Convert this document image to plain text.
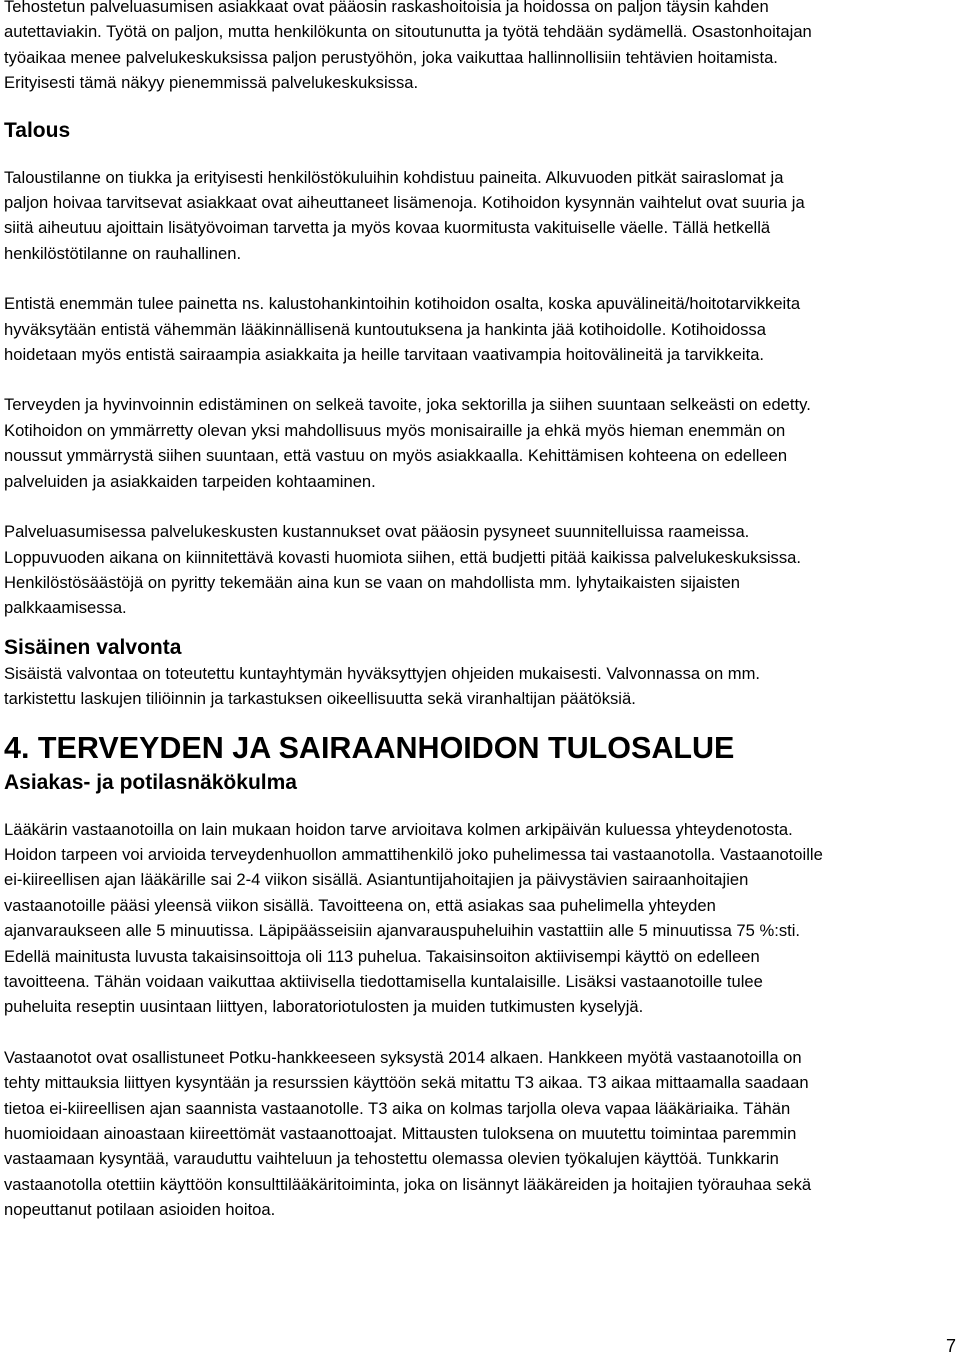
Tehostetun palveluasumisen asiakkaat ovat pääosin raskashoitoisia ja hoidossa on paljon täysin kahden
autettaviakin. Työtä on paljon, mutta henkilökunta on sitoutunutta ja työtä tehdään sydämellä. Osastonhoitajan
työaikaa menee palvelukeskuksissa paljon perustyöhön, joka vaikuttaa hallinnollisiin tehtävien hoitamista.
Erityisesti tämä näkyy pienemmissä palvelukeskuksissa.

Talous

Taloustilanne on tiukka ja erityisesti henkilöstökuluihin kohdistuu paineita. Alkuvuoden pitkät sairaslomat ja
paljon hoivaa tarvitsevat asiakkaat ovat aiheuttaneet lisämenoja. Kotihoidon kysynnän vaihtelut ovat suuria ja
siitä aiheutuu ajoittain lisätyövoiman tarvetta ja myös kovaa kuormitusta vakituiselle väelle. Tällä hetkellä
henkilöstötilanne on rauhallinen.

Entistä enemmän tulee painetta ns. kalustohankintoihin kotihoidon osalta, koska apuvälineitä/hoitotarvikkeita
hyväksytään entistä vähemmän lääkinnällisenä kuntoutuksena ja hankinta jää kotihoidolle. Kotihoidossa
hoidetaan myös entistä sairaampia asiakkaita ja heille tarvitaan vaativampia hoitovälineitä ja tarvikkeita.

Terveyden ja hyvinvoinnin edistäminen on selkeä tavoite, joka sektorilla ja siihen suuntaan selkeästi on edetty.
Kotihoidon on ymmärretty olevan yksi mahdollisuus myös monisairaille ja ehkä myös hieman enemmän on
noussut ymmärrystä siihen suuntaan, että vastuu on myös asiakkaalla. Kehittämisen kohteena on edelleen
palveluiden ja asiakkaiden tarpeiden kohtaaminen.

Palveluasumisessa palvelukeskusten kustannukset ovat pääosin pysyneet suunnitelluissa raameissa.
Loppuvuoden aikana on kiinnitettävä kovasti huomiota siihen, että budjetti pitää kaikissa palvelukeskuksissa.
Henkilöstösäästöjä on pyritty tekemään aina kun se vaan on mahdollista mm. lyhytaikaisten sijaisten
palkkaamisessa.

Sisäinen valvonta

Sisäistä valvontaa on toteutettu kuntayhtymän hyväksyttyjen ohjeiden mukaisesti. Valvonnassa on mm.
tarkistettu laskujen tiliöinnin ja tarkastuksen oikeellisuutta sekä viranhaltijan päätöksiä.

4. TERVEYDEN JA SAIRAANHOIDON TULOSALUE
Asiakas- ja potilasnäkökulma

Lääkärin vastaanotoilla on lain mukaan hoidon tarve arvioitava kolmen arkipäivän kuluessa yhteydenotosta.
Hoidon tarpeen voi arvioida terveydenhuollon ammattihenkilö joko puhelimessa tai vastaanotolla. Vastaanotoille
ei-kiireellisen ajan lääkärille sai 2-4 viikon sisällä. Asiantuntijahoitajien ja päivystävien sairaanhoitajien
vastaanotoille pääsi yleensä viikon sisällä. Tavoitteena on, että asiakas saa puhelimella yhteyden
ajanvaraukseen alle 5 minuutissa. Läpipäässeisiin ajanvarauspuheluihin vastattiin alle 5 minuutissa 75 %:sti.
Edellä mainitusta luvusta takaisinsoittoja oli 113 puhelua. Takaisinsoiton aktiivisempi käyttö on edelleen
tavoitteena. Tähän voidaan vaikuttaa aktiivisella tiedottamisella kuntalaisille. Lisäksi vastaanotoille tulee
puheluita reseptin uusintaan liittyen, laboratoriotulosten ja muiden tutkimusten kyselyjä.

Vastaanotot ovat osallistuneet Potku-hankkeeseen syksystä 2014 alkaen. Hankkeen myötä vastaanotoilla on
tehty mittauksia liittyen kysyntään ja resurssien käyttöön sekä mitattu T3 aikaa. T3 aikaa mittaamalla saadaan
tietoa ei-kiireellisen ajan saannista vastaanotolle. T3 aika on kolmas tarjolla oleva vapaa lääkäriaika. Tähän
huomioidaan ainoastaan kiireettömät vastaanottoajat. Mittausten tuloksena on muutettu toimintaa paremmin
vastaamaan kysyntää, varauduttu vaihteluun ja tehostettu olemassa olevien työkalujen käyttöä. Tunkkarin
vastaanotolla otettiin käyttöön konsulttilääkäritoiminta, joka on lisännyt lääkäreiden ja hoitajien työrauhaa sekä
nopeuttanut potilaan asioiden hoitoa.

7
